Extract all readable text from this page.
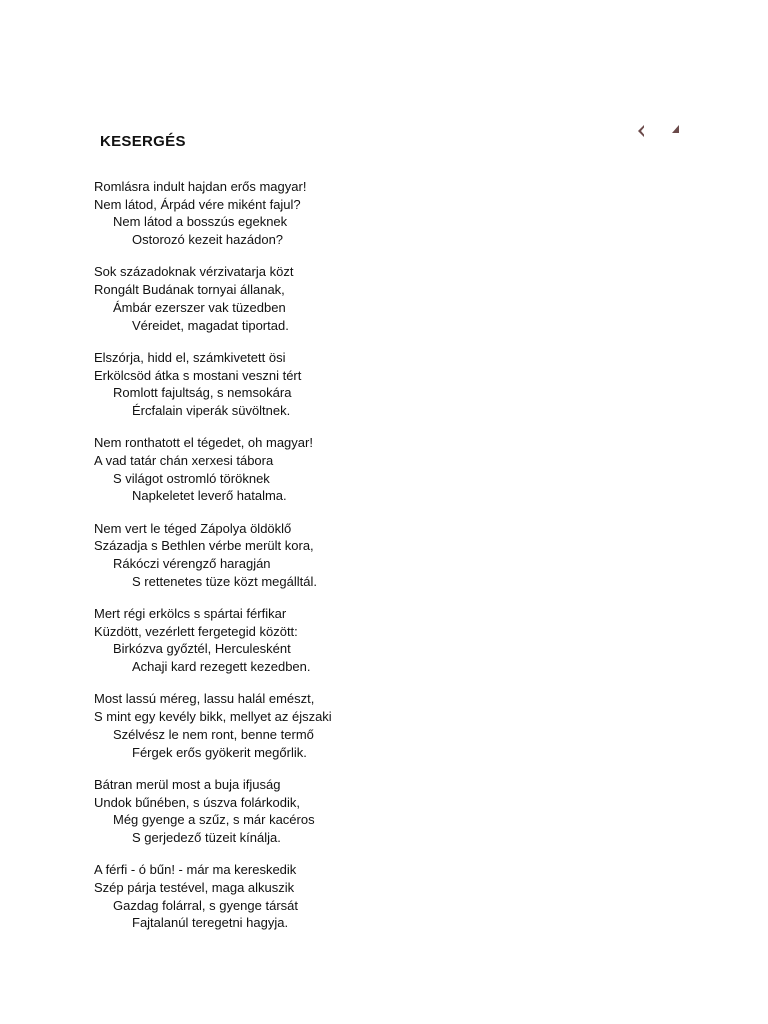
KESERGÉS
Romlásra indult hajdan erős magyar!
Nem látod, Árpád vére miként fajul?
Nem látod a bosszús egeknek
Ostorozó kezeit hazádon?
Sok századoknak vérzivatarja közt
Rongált Budának tornyai állanak,
Ámbár ezerszer vak tüzedben
Véreidet, magadat tiportad.
Elszórja, hidd el, számkivetett ösi
Erkölcsöd átka s mostani veszni tért
Romlott fajultság, s nemsokára
Ércfalain viperák süvöltnek.
Nem ronthatott el tégedet, oh magyar!
A vad tatár chán xerxesi tábora
S világot ostromló töröknek
Napkeletet leverő hatalma.
Nem vert le téged Zápolya öldöklő
Századja s Bethlen vérbe merült kora,
Rákóczi vérengző haragján
S rettenetes tüze közt megálltál.
Mert régi erkölcs s spártai férfikar
Küzdött, vezérlett fergetegid között:
Birkózva győztél, Herculesként
Achaji kard rezegett kezedben.
Most lassú méreg, lassu halál emészt,
S mint egy kevély bikk, mellyet az éjszaki
Szélvész le nem ront, benne termő
Férgek erős gyökerit megőrlik.
Bátran merül most a buja ifjuság
Undok bűnében, s úszva folárkodik,
Még gyenge a szűz, s már kacéros
S gerjedező tüzeit kínálja.
A férfi - ó bűn! - már ma kereskedik
Szép párja testével, maga alkuszik
Gazdag folárral, s gyenge társát
Fajtalanúl teregetni hagyja.
